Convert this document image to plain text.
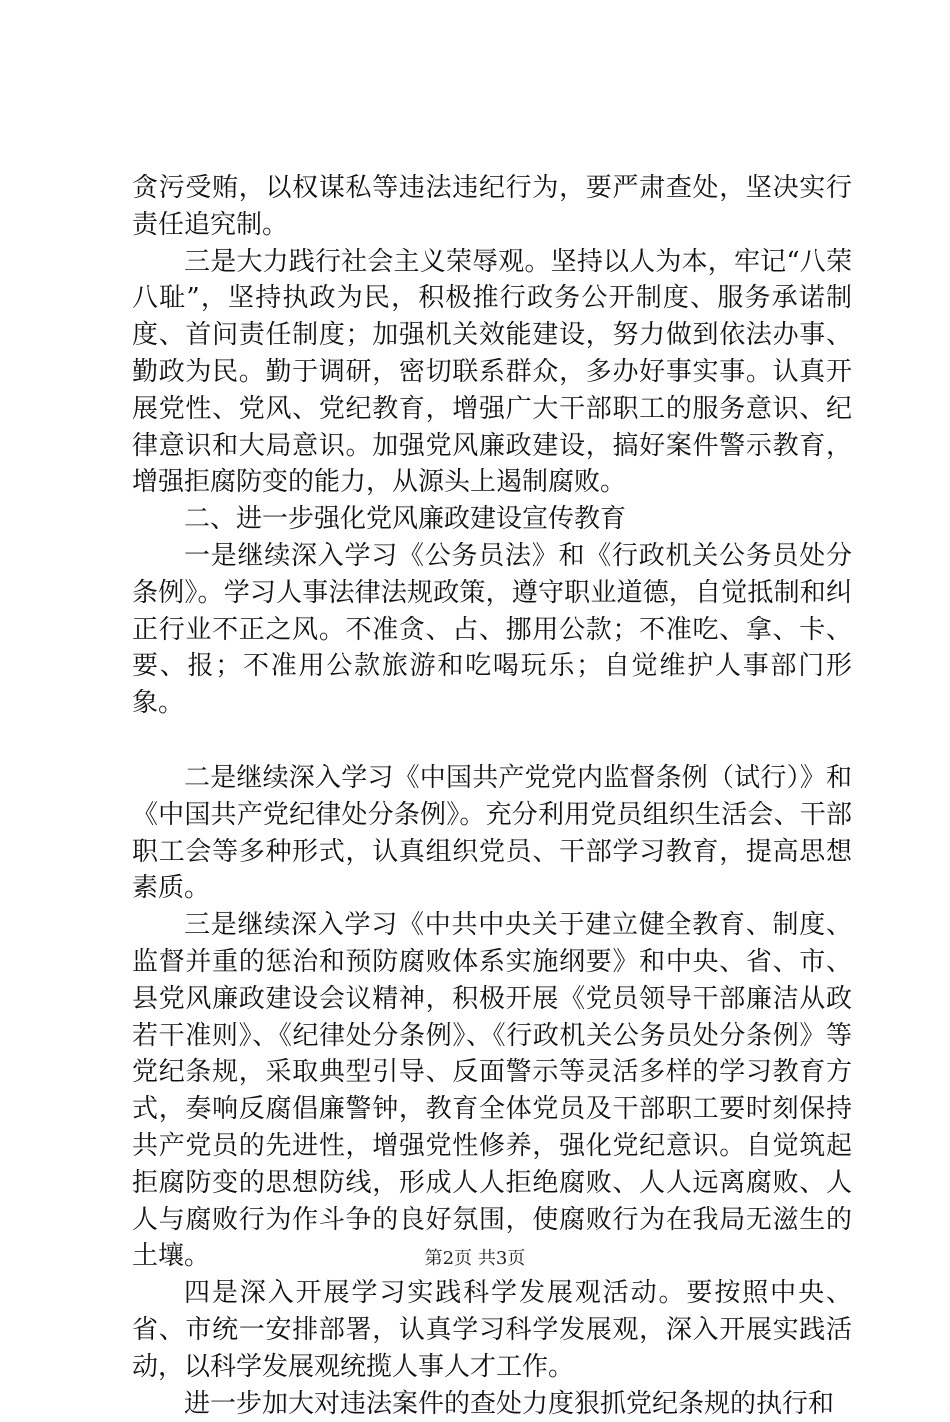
贪污受贿，以权谋私等违法违纪行为，要严肃查处，坚决实行责任追究制。

三是大力践行社会主义荣辱观。坚持以人为本，牢记“八荣八耻”，坚持执政为民，积极推行政务公开制度、服务承诺制度、首问责任制度；加强机关效能建设，努力做到依法办事、勤政为民。勤于调研，密切联系群众，多办好事实事。认真开展党性、党风、党纪教育，增强广大干部职工的服务意识、纪律意识和大局意识。加强党风廉政建设，搞好案件警示教育，增强拒腐防变的能力，从源头上遏制腐败。

二、进一步强化党风廉政建设宣传教育

一是继续深入学习《公务员法》和《行政机关公务员处分条例》。学习人事法律法规政策，遵守职业道德，自觉抵制和纠正行业不正之风。不准贪、占、挪用公款；不准吃、拿、卡、要、报；不准用公款旅游和吃喝玩乐；自觉维护人事部门形象。

二是继续深入学习《中国共产党党内监督条例（试行）》和《中国共产党纪律处分条例》。充分利用党员组织生活会、干部职工会等多种形式，认真组织党员、干部学习教育，提高思想素质。

三是继续深入学习《中共中央关于建立健全教育、制度、监督并重的惩治和预防腐败体系实施纲要》和中央、省、市、县党风廉政建设会议精神，积极开展《党员领导干部廉洁从政若干准则》、《纪律处分条例》、《行政机关公务员处分条例》等党纪条规，采取典型引导、反面警示等灵活多样的学习教育方式，奏响反腐倡廉警钟，教育全体党员及干部职工要时刻保持共产党员的先进性，增强党性修养，强化党纪意识。自觉筑起拒腐防变的思想防线，形成人人拒绝腐败、人人远离腐败、人人与腐败行为作斗争的良好氛围，使腐败行为在我局无滋生的土壤。

四是深入开展学习实践科学发展观活动。要按照中央、省、市统一安排部署，认真学习科学发展观，深入开展实践活动，以科学发展观统揽人事人才工作。

进一步加大对违法案件的查处力度狠抓党纪条规的执行和

第2页 共3页
